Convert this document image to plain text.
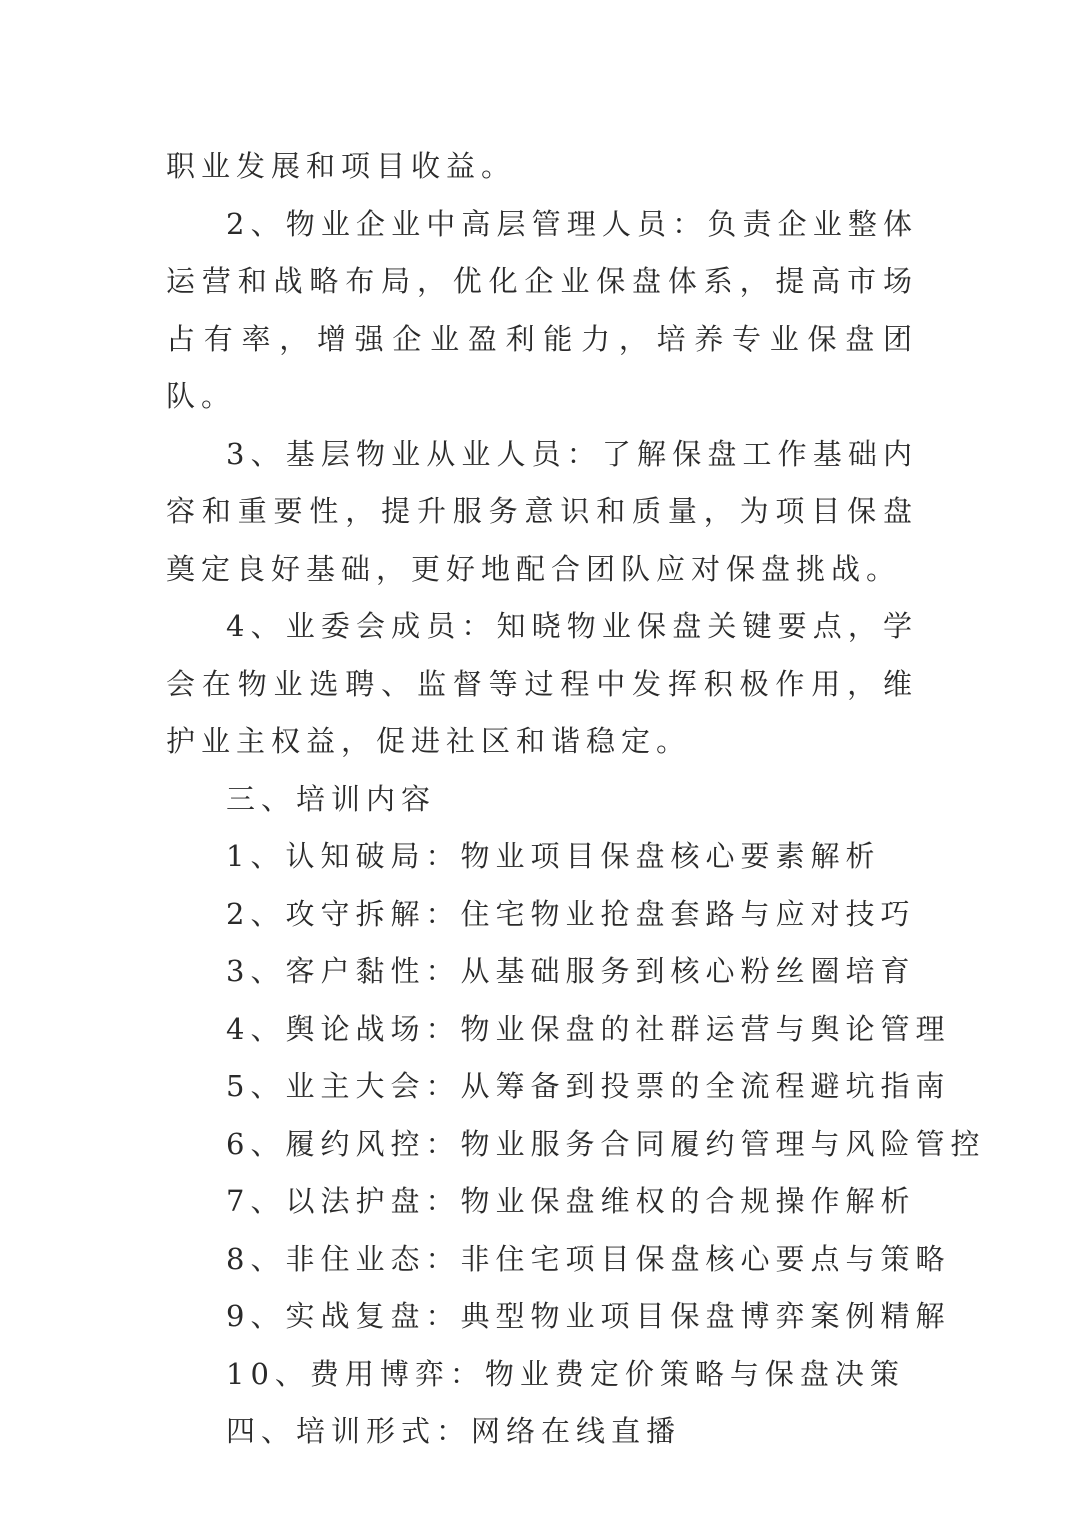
职业发展和项目收益。

2、物业企业中高层管理人员：负责企业整体运营和战略布局，优化企业保盘体系，提高市场占有率，增强企业盈利能力，培养专业保盘团队。

3、基层物业从业人员：了解保盘工作基础内容和重要性，提升服务意识和质量，为项目保盘奠定良好基础，更好地配合团队应对保盘挑战。

4、业委会成员：知晓物业保盘关键要点，学会在物业选聘、监督等过程中发挥积极作用，维护业主权益，促进社区和谐稳定。

三、培训内容

1、认知破局：物业项目保盘核心要素解析

2、攻守拆解：住宅物业抢盘套路与应对技巧

3、客户黏性：从基础服务到核心粉丝圈培育

4、舆论战场：物业保盘的社群运营与舆论管理

5、业主大会：从筹备到投票的全流程避坑指南

6、履约风控：物业服务合同履约管理与风险管控

7、以法护盘：物业保盘维权的合规操作解析

8、非住业态：非住宅项目保盘核心要点与策略

9、实战复盘：典型物业项目保盘博弈案例精解

10、费用博弈：物业费定价策略与保盘决策

四、培训形式：网络在线直播
